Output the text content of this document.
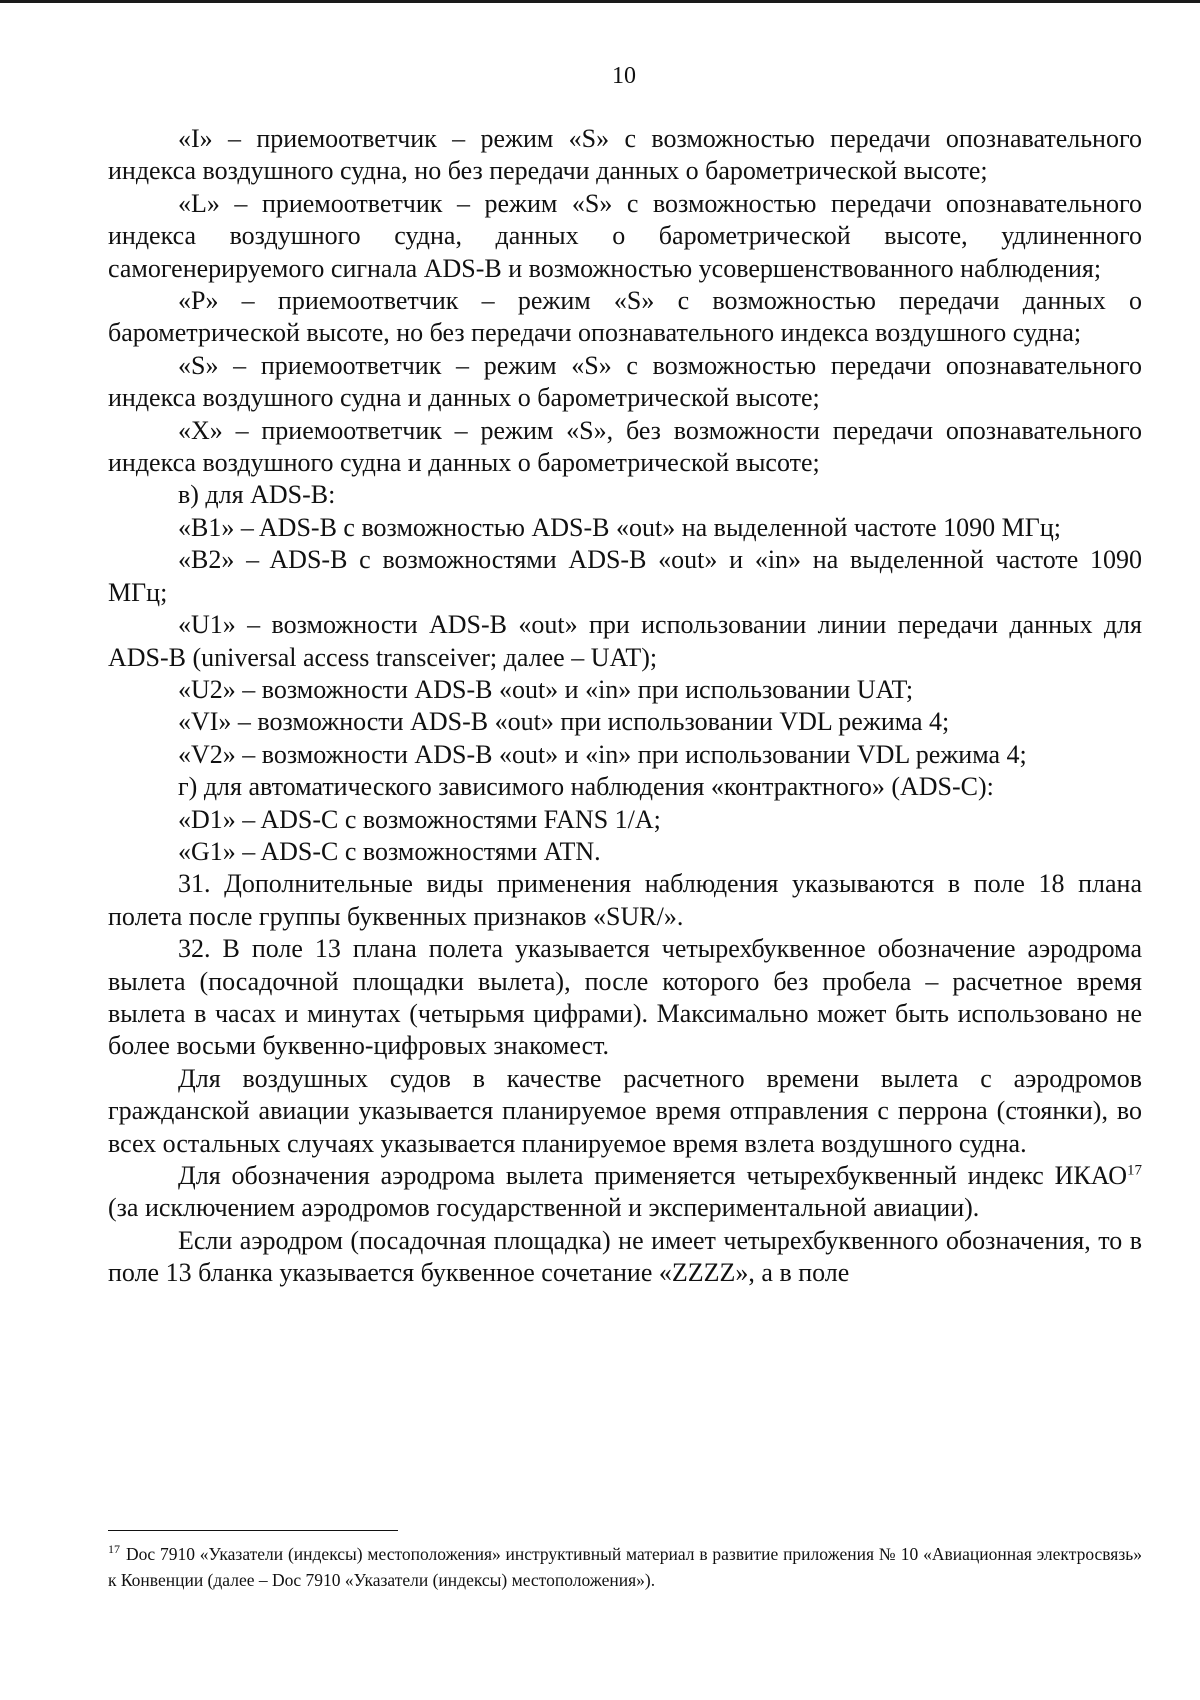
10

«I» – приемоответчик – режим «S» с возможностью передачи опознавательного индекса воздушного судна, но без передачи данных о барометрической высоте;

«L» – приемоответчик – режим «S» с возможностью передачи опознавательного индекса воздушного судна, данных о барометрической высоте, удлиненного самогенерируемого сигнала ADS-B и возможностью усовершенствованного наблюдения;

«P» – приемоответчик – режим «S» с возможностью передачи данных о барометрической высоте, но без передачи опознавательного индекса воздушного судна;

«S» – приемоответчик – режим «S» с возможностью передачи опознавательного индекса воздушного судна и данных о барометрической высоте;

«X» – приемоответчик – режим «S», без возможности передачи опознавательного индекса воздушного судна и данных о барометрической высоте;

в) для ADS-B:

«B1» – ADS-B с возможностью ADS-B «out» на выделенной частоте 1090 МГц;

«B2» – ADS-B с возможностями ADS-B «out» и «in» на выделенной частоте 1090 МГц;

«U1» – возможности ADS-B «out» при использовании линии передачи данных для ADS-B (universal access transceiver; далее – UAT);

«U2» – возможности ADS-B «out» и «in» при использовании UAT;

«VI» – возможности ADS-B «out» при использовании VDL режима 4;

«V2» – возможности ADS-B «out» и «in» при использовании VDL режима 4;

г) для автоматического зависимого наблюдения «контрактного» (ADS-C):

«D1» – ADS-C с возможностями FANS 1/A;

«G1» – ADS-C с возможностями ATN.

31. Дополнительные виды применения наблюдения указываются в поле 18 плана полета после группы буквенных признаков «SUR/».

32. В поле 13 плана полета указывается четырехбуквенное обозначение аэродрома вылета (посадочной площадки вылета), после которого без пробела – расчетное время вылета в часах и минутах (четырьмя цифрами). Максимально может быть использовано не более восьми буквенно-цифровых знакомест.

Для воздушных судов в качестве расчетного времени вылета с аэродромов гражданской авиации указывается планируемое время отправления с перрона (стоянки), во всех остальных случаях указывается планируемое время взлета воздушного судна.

Для обозначения аэродрома вылета применяется четырехбуквенный индекс ИКАО$^{17}$ (за исключением аэродромов государственной и экспериментальной авиации).

Если аэродром (посадочная площадка) не имеет четырехбуквенного обозначения, то в поле 13 бланка указывается буквенное сочетание «ZZZZ», а в поле

$^{17}$ Doc 7910 «Указатели (индексы) местоположения» инструктивный материал в развитие приложения № 10 «Авиационная электросвязь» к Конвенции (далее – Doc 7910 «Указатели (индексы) местоположения»).
